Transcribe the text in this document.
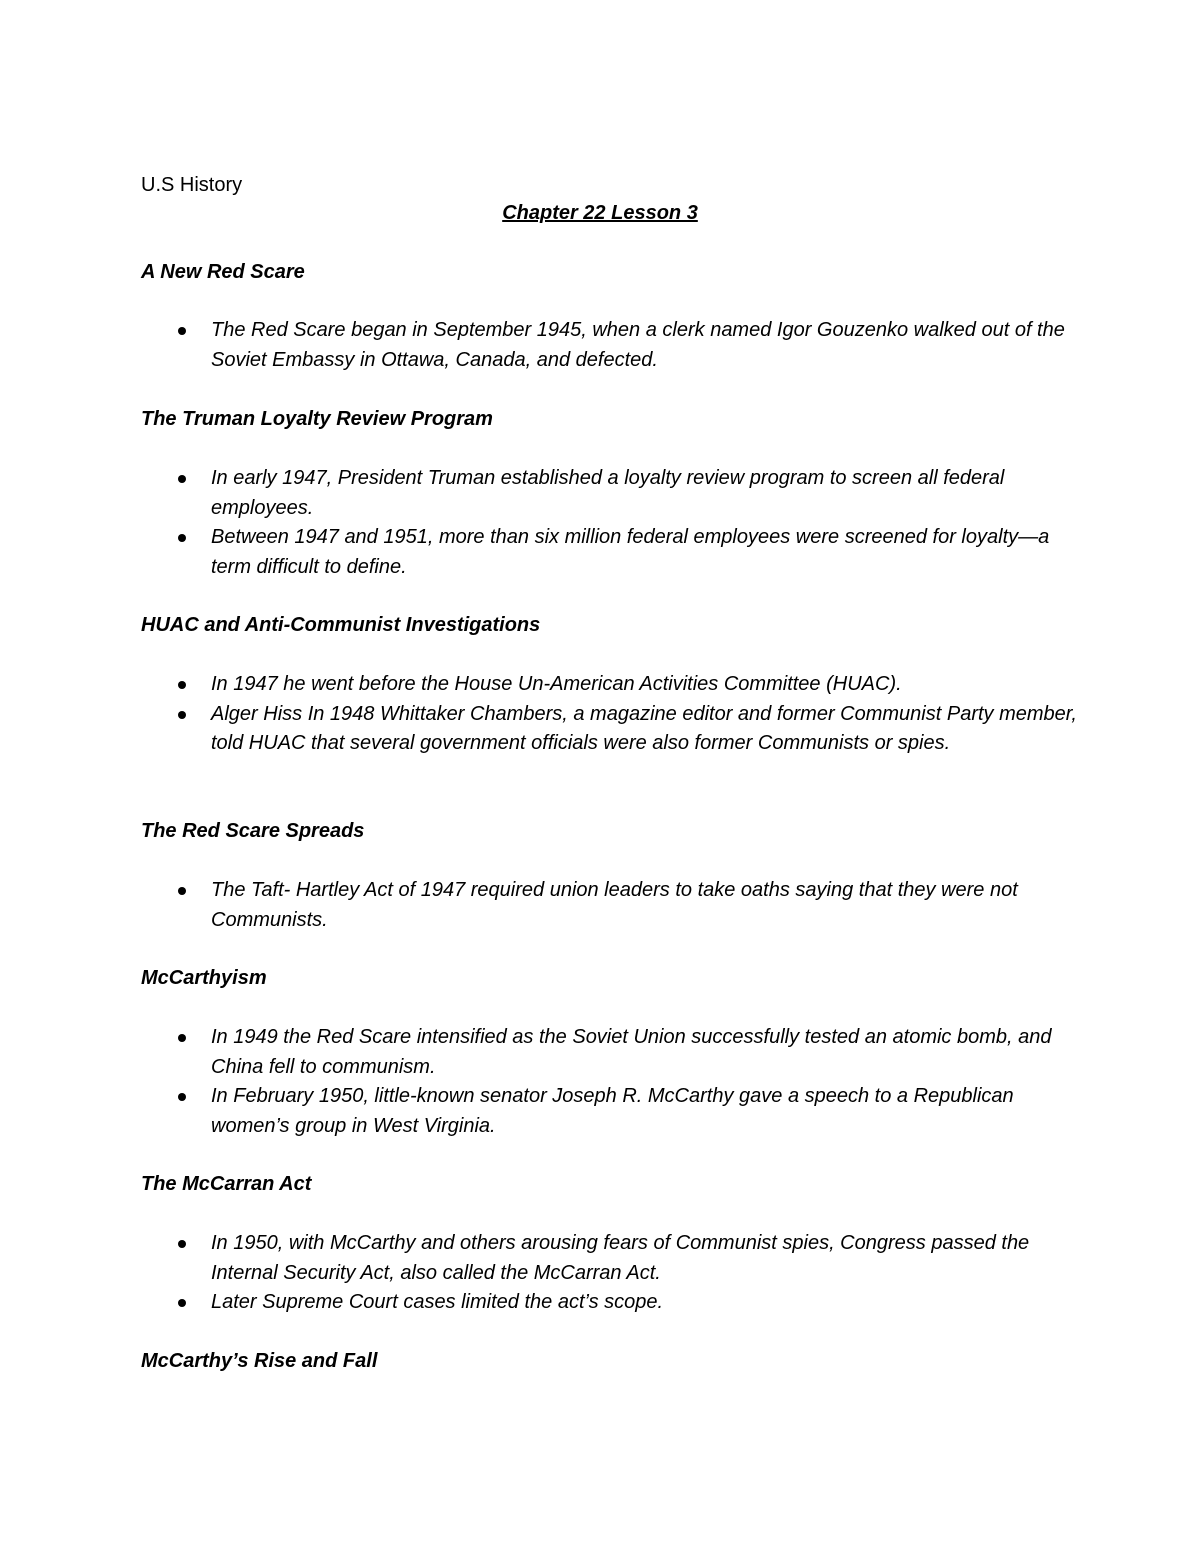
U.S History
Chapter 22 Lesson 3
A New Red Scare
The Red Scare began in September 1945, when a clerk named Igor Gouzenko walked out of the Soviet Embassy in Ottawa, Canada, and defected.
The Truman Loyalty Review Program
In early 1947, President Truman established a loyalty review program to screen all federal employees.
Between 1947 and 1951, more than six million federal employees were screened for loyalty—a term difficult to define.
HUAC and Anti-Communist Investigations
In 1947 he went before the House Un-American Activities Committee (HUAC).
Alger Hiss In 1948 Whittaker Chambers, a magazine editor and former Communist Party member, told HUAC that several government officials were also former Communists or spies.
The Red Scare Spreads
The Taft- Hartley Act of 1947 required union leaders to take oaths saying that they were not Communists.
McCarthyism
In 1949 the Red Scare intensified as the Soviet Union successfully tested an atomic bomb, and China fell to communism.
In February 1950, little-known senator Joseph R. McCarthy gave a speech to a Republican women’s group in West Virginia.
The McCarran Act
In 1950, with McCarthy and others arousing fears of Communist spies, Congress passed the Internal Security Act, also called the McCarran Act.
Later Supreme Court cases limited the act’s scope.
McCarthy’s Rise and Fall
